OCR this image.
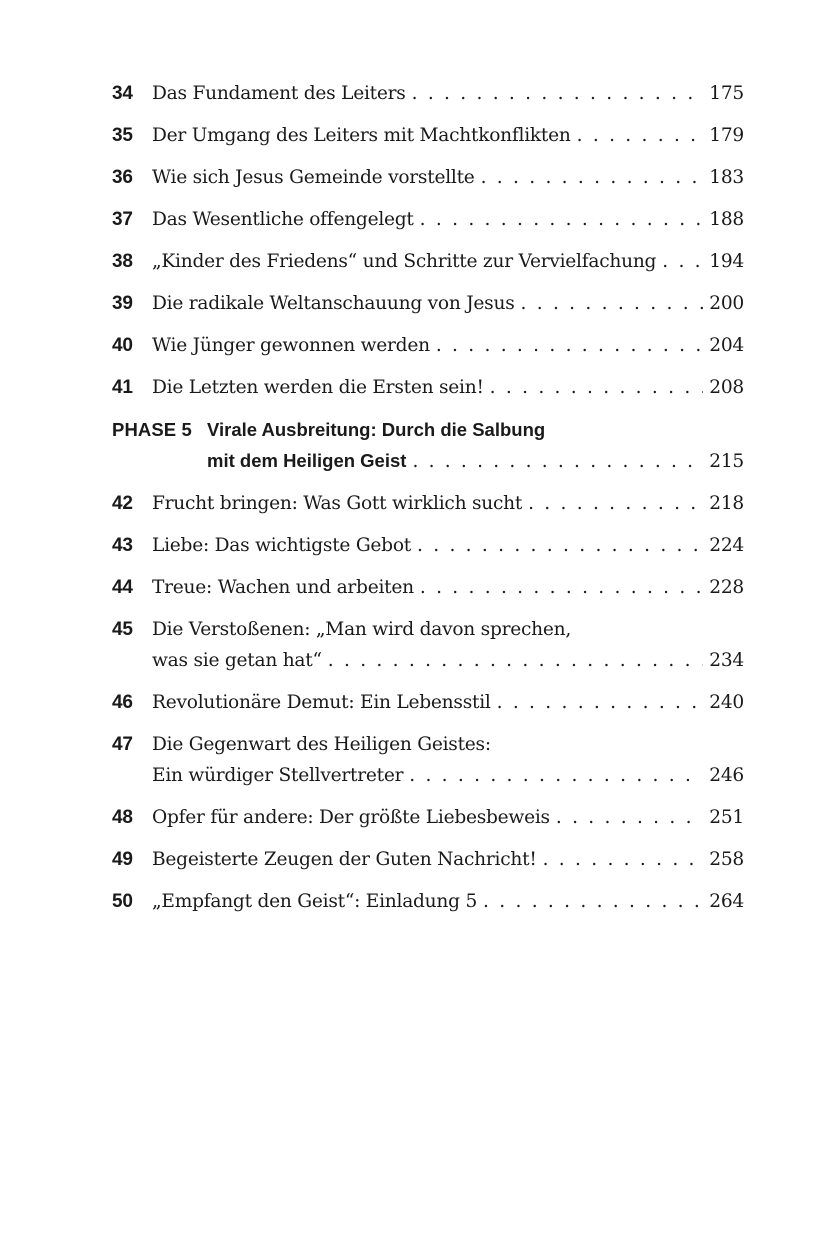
34	Das Fundament des Leiters . . .	175
35	Der Umgang des Leiters mit Machtkonflikten . . .	179
36	Wie sich Jesus Gemeinde vorstellte . . .	183
37	Das Wesentliche offengelegt . . .	188
38	„Kinder des Friedens“ und Schritte zur Vervielfachung . . .	194
39	Die radikale Weltanschauung von Jesus . . .	200
40	Wie Jünger gewonnen werden . . .	204
41	Die Letzten werden die Ersten sein! . . .	208
PHASE 5 Virale Ausbreitung: Durch die Salbung
mit dem Heiligen Geist . . .	215
42	Frucht bringen: Was Gott wirklich sucht . . .	218
43	Liebe: Das wichtigste Gebot . . .	224
44	Treue: Wachen und arbeiten . . .	228
45	Die Verstoßenen: „Man wird davon sprechen,
was sie getan hat“ . . .	234
46	Revolutionäre Demut: Ein Lebensstil . . .	240
47	Die Gegenwart des Heiligen Geistes:
Ein würdiger Stellvertreter . . .	246
48	Opfer für andere: Der größte Liebesbeweis . . .	251
49	Begeisterte Zeugen der Guten Nachricht! . . .	258
50	„Empfangt den Geist“: Einladung 5 . . .	264
